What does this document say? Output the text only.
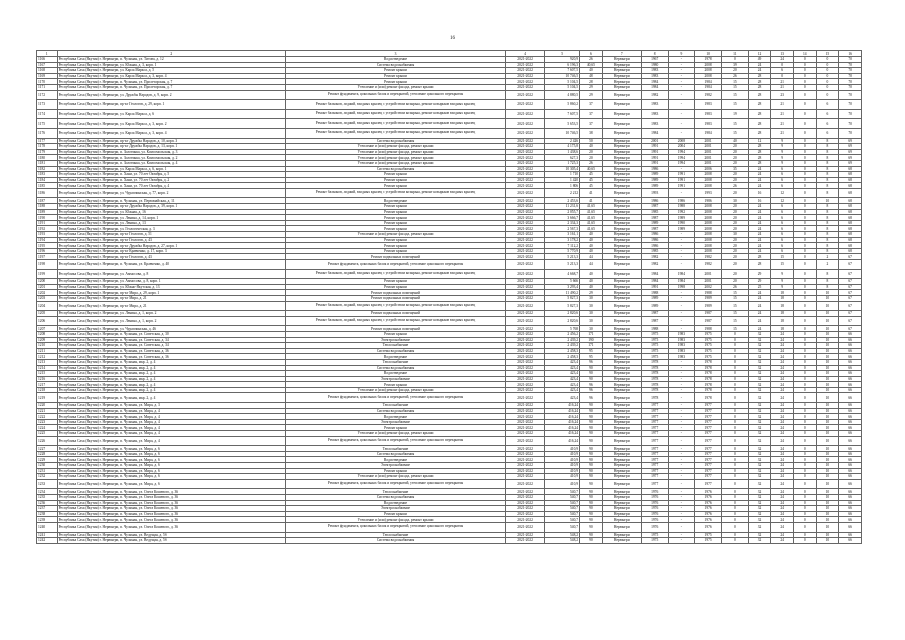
16
1	2	3	4	5	6	7	8	9	10	11	12	13	14	15	16
1166	Республика Саха (Якутия) г. Нерюнгри, п. Чульман, ул. Титова, д. 12	Водоотведение	2021-2022	920,9	26	Нерюнгри	1967	-	1978	0	49	24	0	0	70
1167	Республика Саха (Якутия) г. Нерюнгри, ул. Южная, д. 3, корп. 1	Система водоснабжения	2021-2022	6 196,3	40,65	Нерюнгри	1980	-	2008	39	24	0	0	0	70
1168	Республика Саха (Якутия) г. Нерюнгри, ул. Карла Маркса, д. 5	Ремонт крыши	2021-2022	7 607,5	40	Нерюнгри	1983	-	2008	20	24	6	0	0	70
1169	Республика Саха (Якутия) г. Нерюнгри, ул. Карла Маркса, д. 3, корп. 4	Ремонт крыши	2021-2022	10 746,5	48	Нерюнгри	1983	-	2008	26	28	0	0	0	70
1170	Республика Саха (Якутия) г. Нерюнгри, п. Чульман, ул. Пролетарская, д. 7	Ремонт крыши	2021-2022	5 104,5	28	Нерюнгри	1984	-	1984	15	28	21	0	0	70
1171	Республика Саха (Якутия) г. Нерюнгри, п. Чульман, ул. Пролетарская, д. 7	Утепление и (или) ремонт фасада, ремонт крыши	2021-2022	5 104,5	29	Нерюнгри	1984	-	1984	15	28	21	0	0	70
1172	Республика Саха (Якутия) г. Нерюнгри, ул. Дружбы Народов, д. 9, корп. 2	Ремонт фундамента, цокольных балок и перекрытий, утепление цокольного перекрытия	2021-2022	4 880,5	29	Нерюнгри	1982	-	1982	15	28	23	0	0	70
1173	Республика Саха (Якутия) г. Нерюнгри, пр-кт Геологов, д. 29, корп. 1	Ремонт балконов, лоджий, входных крылец с устройством козырька, ремонт козырьков входных крылец	2021-2022	5 860,2	37	Нерюнгри	1983	-	1983	15	28	21	0	6	70
1174	Республика Саха (Якутия) г. Нерюнгри, ул. Карла Маркса, д. 6	Ремонт балконов, лоджий, входных крылец с устройством козырька, ремонт козырьков входных крылец	2021-2022	7 607,5	37	Нерюнгри	1983	-	1983	19	28	21	0	6	70
1175	Республика Саха (Якутия) г. Нерюнгри, ул. Карла Маркса, д. 3, корп. 2	Ремонт балконов, лоджий, входных крылец с устройством козырька, ремонт козырьков входных крылец	2021-2022	5 653,5	37	Нерюнгри	1983	-	1983	15	28	21	0	6	70
1176	Республика Саха (Якутия) г. Нерюнгри, ул. Карла Маркса, д. 3, корп. 4	Ремонт балконов, лоджий, входных крылец с устройством козырька, ремонт козырьков входных крылец	2021-2022	10 746,5	38	Нерюнгри	1984	-	1984	15	28	21	0	6	70
1177	Республика Саха (Якутия) г. Нерюнгри, пр-кт Дружбы Народов, д. 10, корп. 3	Система водоснабжения	2021-2022	2 426	50	Нерюнгри	2001	2008	2001	40	12	9	0	8	69
1178	Республика Саха (Якутия) г. Нерюнгри, пр-кт Дружбы Народов, д. 13, корп. 1	Утепление и (или) ремонт фасада, ремонт крыши	2021-2022	4 175,8	40	Нерюнгри	1991	2004	2001	20	28	9	0	8	69
1179	Республика Саха (Якутия) г. Нерюнгри, п. Золотинка, ул. Комсомольская, д. 3	Утепление и (или) ремонт фасада, ремонт крыши	2021-2022	1 438,6	20	Нерюнгри	1991	1994	2001	20	28	9	0	8	69
1180	Республика Саха (Якутия) г. Нерюнгри, п. Золотинка, ул. Комсомольская, д. 2	Утепление и (или) ремонт фасада, ремонт крыши	2021-2022	627,3	20	Нерюнгри	1991	1994	2001	20	28	9	0	8	69
1181	Республика Саха (Якутия) г. Нерюнгри, п. Золотинка, ул. Комсомольская, д. 4	Утепление и (или) ремонт фасада, ремонт крыши	2021-2022	1 725,3	26	Нерюнгри	1991	1994	2001	20	28	9	0	8	69
1182	Республика Саха (Якутия) г. Нерюнгри, ул. Карла Маркса, д. 6, корп. 1	Система водоснабжения	2021-2022	10 305,4	40,65	Нерюнгри	1986	-	2006	35	24	6	0	8	68
1183	Республика Саха (Якутия) г. Нерюнгри, п. Хани, ул. 70 лет Октября, д. 5	Ремонт крыши	2021-2022	1 710	45	Нерюнгри	1989	1991	2008	20	24	6	0	8	68
1184	Республика Саха (Якутия) г. Нерюнгри, п. Хани, ул. 70 лет Октября, д. 2	Ремонт крыши	2021-2022	1 420	45	Нерюнгри	1989	1991	2008	20	24	6	0	8	68
1185	Республика Саха (Якутия) г. Нерюнгри, п. Хани, ул. 70 лет Октября, д. 4	Ремонт крыши	2021-2022	1 806	45	Нерюнгри	1989	1991	2008	26	24	6	0	8	68
1186	Республика Саха (Якутия) г. Нерюнгри, ул. Чурапчинская, д. 77, корп. 2	Ремонт балконов, лоджий, входных крылец с устройством козырька, ремонт козырьков входных крылец	2021-2022	2 212	41	Нерюнгри	1993	-	1993	20	16	12	0	8	68
1187	Республика Саха (Якутия) г. Нерюнгри, п. Чульман, ул. Первомайская, д. 11	Водоотведение	2021-2022	2 453,6	41	Нерюнгри	1986	1986	1986	30	16	12	0	10	68
1188	Республика Саха (Якутия) г. Нерюнгри, пр-кт Дружбы Народов, д. 39, корп. 1	Ремонт крыши	2021-2022	11 231,6	41,65	Нерюнгри	1987	1988	2008	20	24	6	0	8	68
1189	Республика Саха (Якутия) г. Нерюнгри, ул. Южная, д. 16	Ремонт крыши	2021-2022	2 055,7	41,65	Нерюнгри	1985	1992	2008	20	24	6	0	8	68
1190	Республика Саха (Якутия) г. Нерюнгри, ул. Ленина, д. 14, корп. 1	Ремонт крыши	2021-2022	3 666,7	41,65	Нерюнгри	1987	1989	2008	20	24	6	0	8	68
1191	Республика Саха (Якутия) г. Нерюнгри, ул. Ленина, д. 13	Ремонт крыши	2021-2022	2 334,3	41,65	Нерюнгри	1989	1990	2008	20	24	6	0	8	68
1192	Республика Саха (Якутия) г. Нерюнгри, ул. Геологическая, д. 3	Ремонт крыши	2021-2022	2 567,3	41,65	Нерюнгри	1987	1989	2008	20	24	6	0	8	68
1193	Республика Саха (Якутия) г. Нерюнгри, пр-кт Геологов, д. 51	Утепление и (или) ремонт фасада, ремонт крыши	2021-2022	3 161,1	40	Нерюнгри	1986	-	2008	30	24	6	0	8	68
1194	Республика Саха (Якутия) г. Нерюнгри, пр-кт Геологов, д. 43	Ремонт крыши	2021-2022	3 178,2	40	Нерюнгри	1986	-	2008	20	24	6	0	8	68
1195	Республика Саха (Якутия) г. Нерюнгри, пр-кт Дружбы Народов, д. 27, корп. 1	Ремонт крыши	2021-2022	7 112,2	40	Нерюнгри	1986	-	2008	20	24	6	0	8	68
1196	Республика Саха (Якутия) г. Нерюнгри, пр-кт Кравченко, д. 17, корп. 3	Ремонт крыши	2021-2022	5 770,9	40	Нерюнгри	1985	-	2008	20	24	6	0	8	68
1197	Республика Саха (Якутия) г. Нерюнгри, пр-кт Геологов, д. 43	Ремонт подвальных помещений	2021-2022	5 213,3	44	Нерюнгри	1982	-	1982	20	28	15	0	2	67
1198	Республика Саха (Якутия) г. Нерюнгри, п. Чульман, ул. Кравченко, д. 40	Ремонт фундамента, цокольных балок и перекрытий, утепление цокольного перекрытия	2021-2022	5 213,3	44	Нерюнгри	1982	-	1982	20	28	15	0	2	67
1199	Республика Саха (Якутия) г. Нерюнгри, ул. Аммосова, д. 8	Ремонт балконов, лоджий, входных крылец с устройством козырька, ремонт козырьков входных крылец	2021-2022	4 668,7	40	Нерюнгри	1984	1984	2001	20	29	9	0	8	67
1200	Республика Саха (Якутия) г. Нерюнгри, ул. Аммосова, д. 8, корп. 1	Ремонт крыши	2021-2022	5 666	40	Нерюнгри	1984	1984	2001	20	29	9	0	8	67
1201	Республика Саха (Якутия) г. Нерюнгри, ул. Южно-Якутская, д. 13	Ремонт крыши	2021-2022	3 293,4	40	Нерюнгри	1991	1998	2002	26	25	9	0	8	67
1202	Республика Саха (Якутия) г. Нерюнгри, пр-кт Мира, д. 29, корп. 1	Ремонт подвальных помещений	2021-2022	11 490,2	29	Нерюнгри	1988	-	1988	15	24	18	0	10	67
1203	Республика Саха (Якутия) г. Нерюнгри, пр-кт Мира, д. 21	Ремонт подвальных помещений	2021-2022	5 827,3	30	Нерюнгри	1989	-	1989	15	24	18	0	10	67
1204	Республика Саха (Якутия) г. Нерюнгри, пр-кт Мира, д. 21	Ремонт балконов, лоджий, входных крылец с устройством козырька, ремонт козырьков входных крылец	2021-2022	5 827,3	30	Нерюнгри	1989	-	1989	15	24	18	0	10	67
1205	Республика Саха (Якутия) г. Нерюнгри, ул. Ленина, д. 1, корп. 2	Ремонт подвальных помещений	2021-2022	2 820,6	30	Нерюнгри	1987	-	1987	15	24	18	0	10	67
1206	Республика Саха (Якутия) г. Нерюнгри, ул. Ленина, д. 1, корп. 2	Ремонт балконов, лоджий, входных крылец с устройством козырька, ремонт козырьков входных крылец	2021-2022	2 820,6	30	Нерюнгри	1987	-	1987	15	24	18	0	10	67
1207	Республика Саха (Якутия) г. Нерюнгри, ул. Чурапчинская, д. 46	Ремонт подвальных помещений	2021-2022	5 768	30	Нерюнгри	1988	-	1988	15	24	18	0	10	67
1208	Республика Саха (Якутия) г. Нерюнгри, п. Чульман, ул. Советская, д. 30	Ремонт крыши	2021-2022	2 456,2	171	Нерюнгри	1975	1983	1975	0	32	24	0	10	66
1209	Республика Саха (Якутия) г. Нерюнгри, п. Чульман, ул. Советская, д. 34	Электроснабжение	2021-2022	2 439,2	190	Нерюнгри	1975	1983	1975	0	32	24	0	10	66
1210	Республика Саха (Якутия) г. Нерюнгри, п. Чульман, ул. Советская, д. 34	Теплоснабжение	2021-2022	2 439,2	171	Нерюнгри	1975	1983	1975	0	32	24	0	10	66
1211	Республика Саха (Якутия) г. Нерюнгри, п. Чульман, ул. Советская, д. 36	Система водоснабжения	2021-2022	2 458,3	95	Нерюнгри	1975	1983	1975	0	32	24	0	10	66
1212	Республика Саха (Якутия) г. Нерюнгри, п. Чульман, ул. Советская, д. 36	Водоотведение	2021-2022	2 458,3	95	Нерюнгри	1975	1983	1975	0	32	24	0	10	66
1213	Республика Саха (Якутия) г. Нерюнгри, п. Чульман, мкр. 2, д. 4	Теплоснабжение	2021-2022	423,4	96	Нерюнгри	1978	-	1978	0	32	24	0	10	66
1214	Республика Саха (Якутия) г. Нерюнгри, п. Чульман, мкр. 2, д. 4	Система водоснабжения	2021-2022	423,4	90	Нерюнгри	1978	-	1978	0	32	24	0	10	66
1215	Республика Саха (Якутия) г. Нерюнгри, п. Чульман, мкр. 2, д. 4	Водоотведение	2021-2022	423,4	90	Нерюнгри	1978	-	1978	0	32	24	0	10	66
1216	Республика Саха (Якутия) г. Нерюнгри, п. Чульман, мкр. 2, д. 4	Электроснабжение	2021-2022	423,4	90	Нерюнгри	1978	-	1978	0	32	24	0	10	66
1217	Республика Саха (Якутия) г. Нерюнгри, п. Чульман, мкр. 2, д. 4	Ремонт крыши	2021-2022	423,4	96	Нерюнгри	1978	-	1978	0	32	24	0	10	66
1218	Республика Саха (Якутия) г. Нерюнгри, п. Чульман, мкр. 2, д. 4	Утепление и (или) ремонт фасада, ремонт крыши	2021-2022	423,4	96	Нерюнгри	1978	-	1978	0	32	24	0	10	66
1219	Республика Саха (Якутия) г. Нерюнгри, п. Чульман, мкр. 2, д. 4	Ремонт фундамента, цокольных балок и перекрытий, утепление цокольного перекрытия	2021-2022	423,4	96	Нерюнгри	1978	-	1978	0	32	24	0	10	66
1220	Республика Саха (Якутия) г. Нерюнгри, п. Чульман, ул. Мира, д. 3	Теплоснабжение	2021-2022	416,24	90	Нерюнгри	1977	-	1977	0	32	24	0	10	66
1221	Республика Саха (Якутия) г. Нерюнгри, п. Чульман, ул. Мира, д. 4	Система водоснабжения	2021-2022	416,24	90	Нерюнгри	1977	-	1977	0	32	24	0	10	66
1222	Республика Саха (Якутия) г. Нерюнгри, п. Чульман, ул. Мира, д. 4	Водоотведение	2021-2022	416,24	90	Нерюнгри	1977	-	1977	0	32	24	0	10	66
1223	Республика Саха (Якутия) г. Нерюнгри, п. Чульман, ул. Мира, д. 4	Электроснабжение	2021-2022	416,24	90	Нерюнгри	1977	-	1977	0	32	24	0	10	66
1224	Республика Саха (Якутия) г. Нерюнгри, п. Чульман, ул. Мира, д. 4	Ремонт крыши	2021-2022	416,24	90	Нерюнгри	1977	-	1977	0	32	24	0	10	66
1225	Республика Саха (Якутия) г. Нерюнгри, п. Чульман, ул. Мира, д. 4	Утепление и (или) ремонт фасада, ремонт крыши	2021-2022	416,24	90	Нерюнгри	1977	-	1977	0	32	24	0	10	66
1226	Республика Саха (Якутия) г. Нерюнгри, п. Чульман, ул. Мира, д. 4	Ремонт фундамента, цокольных балок и перекрытий, утепление цокольного перекрытия	2021-2022	416,24	90	Нерюнгри	1977	-	1977	0	32	24	0	10	66
1227	Республика Саха (Якутия) г. Нерюнгри, п. Чульман, ул. Мира, д. 6	Теплоснабжение	2021-2022	410,9	90	Нерюнгри	1977	-	1977	0	32	24	0	10	66
1228	Республика Саха (Якутия) г. Нерюнгри, п. Чульман, ул. Мира, д. 6	Система водоснабжения	2021-2022	410,9	90	Нерюнгри	1977	-	1977	0	32	24	0	10	66
1229	Республика Саха (Якутия) г. Нерюнгри, п. Чульман, ул. Мира, д. 6	Водоотведение	2021-2022	410,9	90	Нерюнгри	1977	-	1977	0	32	24	0	10	66
1230	Республика Саха (Якутия) г. Нерюнгри, п. Чульман, ул. Мира, д. 6	Электроснабжение	2021-2022	410,9	90	Нерюнгри	1977	-	1977	0	32	24	0	10	66
1231	Республика Саха (Якутия) г. Нерюнгри, п. Чульман, ул. Мира, д. 6	Ремонт крыши	2021-2022	410,9	90	Нерюнгри	1977	-	1977	0	32	24	0	10	66
1232	Республика Саха (Якутия) г. Нерюнгри, п. Чульман, ул. Мира, д. 6	Утепление и (или) ремонт фасада, ремонт крыши	2021-2022	410,9	90	Нерюнгри	1977	-	1977	0	32	24	0	10	66
1233	Республика Саха (Якутия) г. Нерюнгри, п. Чульман, ул. Мира, д. 6	Ремонт фундамента, цокольных балок и перекрытий, утепление цокольного перекрытия	2021-2022	410,9	90	Нерюнгри	1977	-	1977	0	32	24	0	10	66
1234	Республика Саха (Якутия) г. Нерюнгри, п. Чульман, ул. Олега Кошевого, д. 36	Теплоснабжение	2021-2022	540,7	90	Нерюнгри	1976	-	1976	0	32	24	0	10	66
1235	Республика Саха (Якутия) г. Нерюнгри, п. Чульман, ул. Олега Кошевого, д. 36	Система водоснабжения	2021-2022	540,7	90	Нерюнгри	1976	-	1976	0	32	24	0	10	66
1236	Республика Саха (Якутия) г. Нерюнгри, п. Чульман, ул. Олега Кошевого, д. 36	Водоотведение	2021-2022	540,7	90	Нерюнгри	1976	-	1976	0	32	24	0	10	66
1237	Республика Саха (Якутия) г. Нерюнгри, п. Чульман, ул. Олега Кошевого, д. 36	Электроснабжение	2021-2022	540,7	90	Нерюнгри	1976	-	1976	0	32	24	0	10	66
1238	Республика Саха (Якутия) г. Нерюнгри, п. Чульман, ул. Олега Кошевого, д. 36	Ремонт крыши	2021-2022	540,7	90	Нерюнгри	1976	-	1976	0	32	24	0	10	66
1239	Республика Саха (Якутия) г. Нерюнгри, п. Чульман, ул. Олега Кошевого, д. 36	Утепление и (или) ремонт фасада, ремонт крыши	2021-2022	540,7	90	Нерюнгри	1976	-	1976	0	32	24	0	10	66
1240	Республика Саха (Якутия) г. Нерюнгри, п. Чульман, ул. Олега Кошевого, д. 36	Ремонт фундамента, цокольных балок и перекрытий, утепление цокольного перекрытия	2021-2022	540,7	90	Нерюнгри	1976	-	1976	0	32	24	0	10	66
1241	Республика Саха (Якутия) г. Нерюнгри, п. Чульман, ул. Ведущая, д. 5б	Теплоснабжение	2021-2022	548,2	90	Нерюнгри	1975	-	1975	0	32	24	0	10	66
1242	Республика Саха (Якутия) г. Нерюнгри, п. Чульман, ул. Ведущая, д. 5б	Система водоснабжения	2021-2022	548,2	90	Нерюнгри	1975	-	1975	0	32	24	0	10	66
